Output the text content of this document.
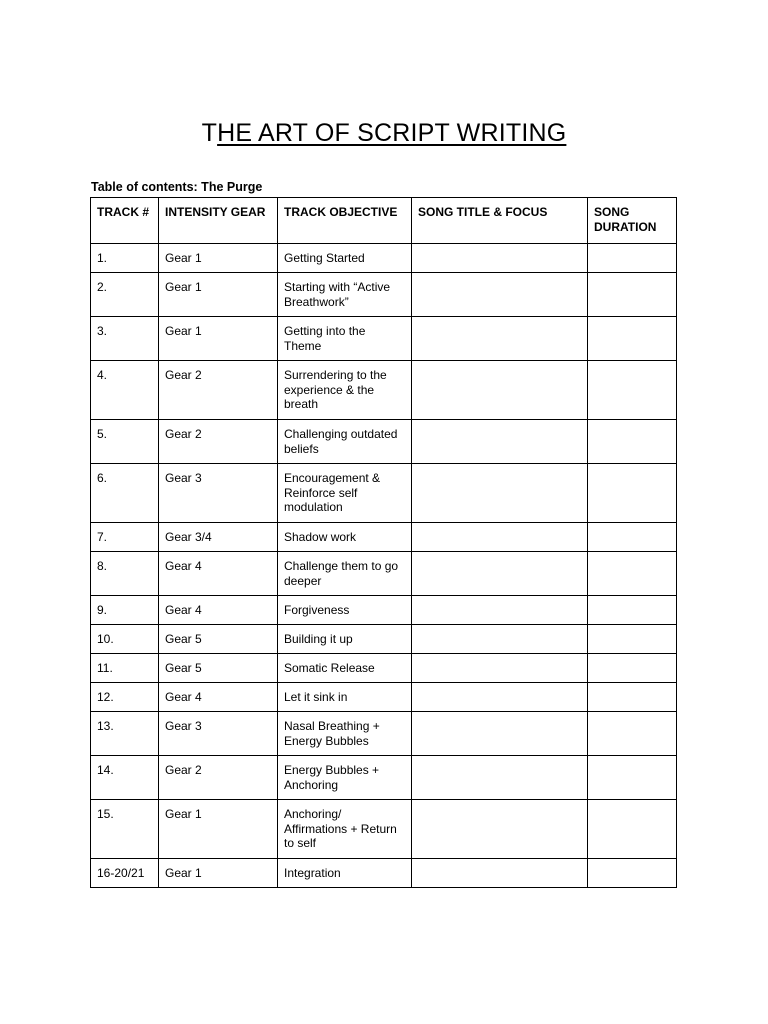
THE ART OF SCRIPT WRITING
Table of contents: The Purge
TRACK #	INTENSITY GEAR	TRACK OBJECTIVE	SONG TITLE & FOCUS	SONG DURATION
1.	Gear 1	Getting Started		
2.	Gear 1	Starting with “Active Breathwork”		
3.	Gear 1	Getting into the Theme		
4.	Gear 2	Surrendering to the experience & the breath		
5.	Gear 2	Challenging outdated beliefs		
6.	Gear 3	Encouragement & Reinforce self modulation		
7.	Gear 3/4	Shadow work		
8.	Gear 4	Challenge them to go deeper		
9.	Gear 4	Forgiveness		
10.	Gear 5	Building it up		
11.	Gear 5	Somatic Release		
12.	Gear 4	Let it sink in		
13.	Gear 3	Nasal Breathing + Energy Bubbles		
14.	Gear 2	Energy Bubbles + Anchoring		
15.	Gear 1	Anchoring/ Affirmations + Return to self		
16-20/21	Gear 1	Integration		
